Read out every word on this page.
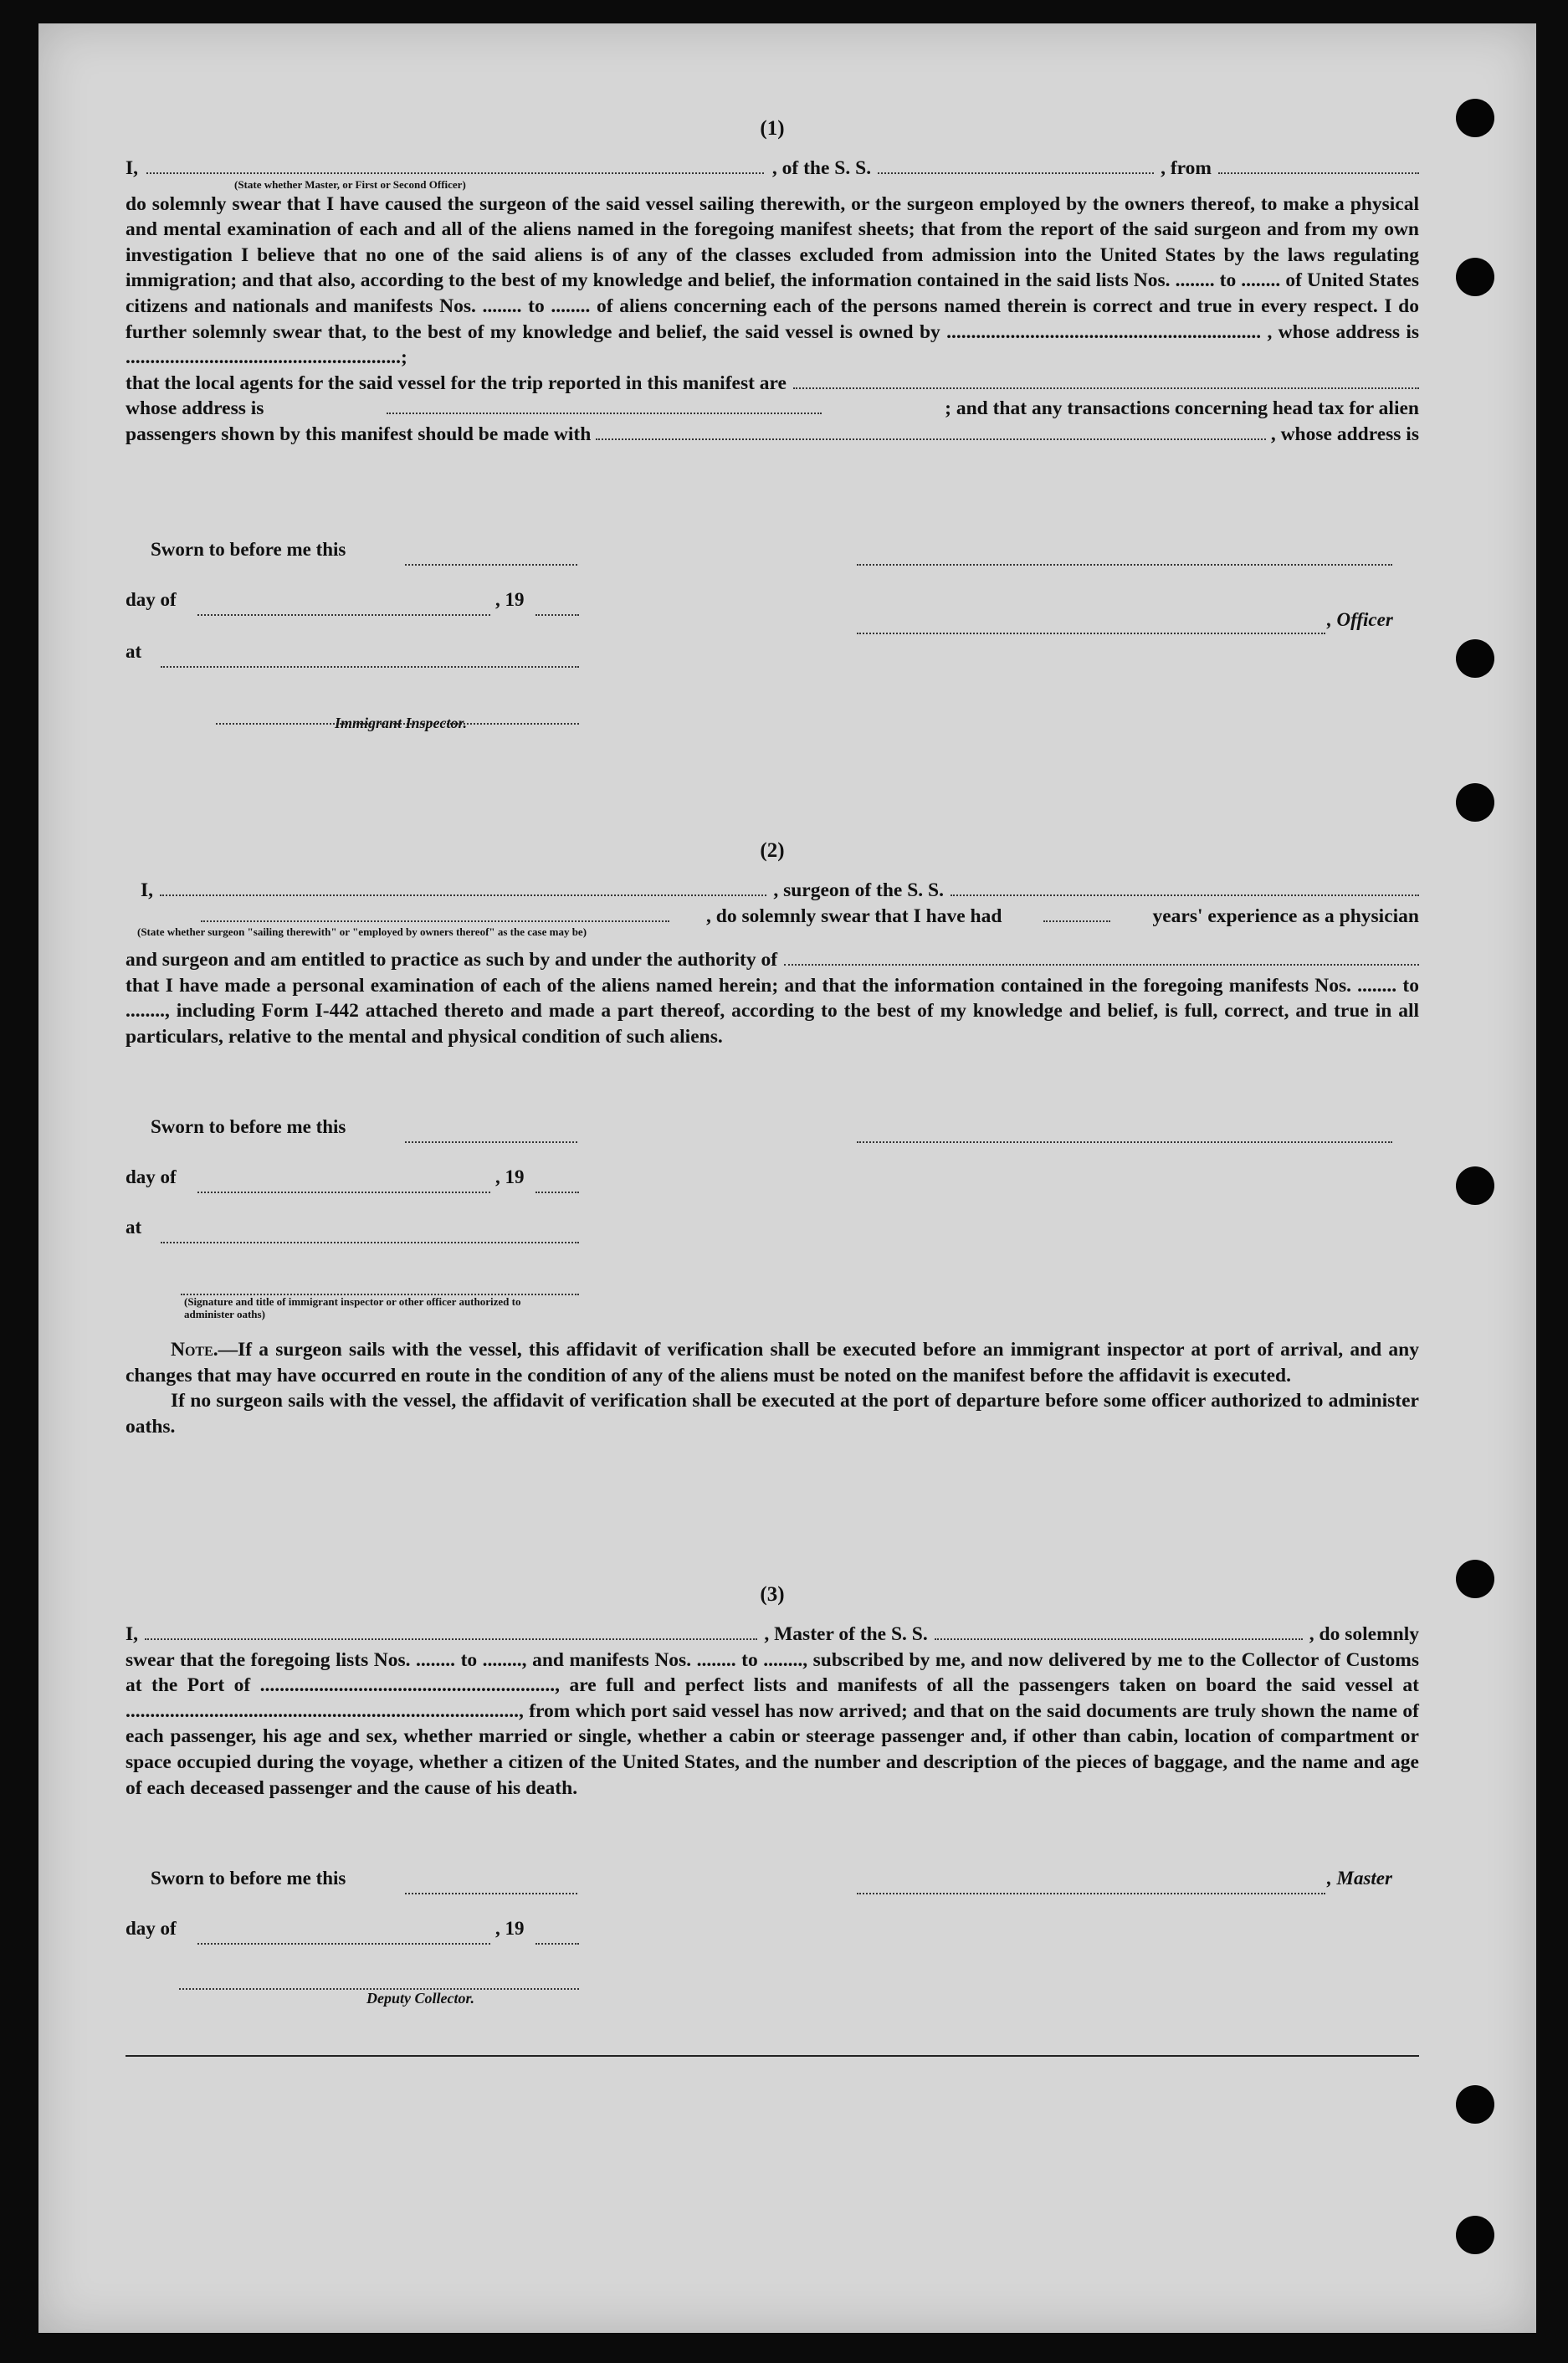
(1)
I,	, of the S. S.	, from
(State whether Master, or First or Second Officer)
do solemnly swear that I have caused the surgeon of the said vessel sailing therewith, or the surgeon employed by the owners thereof, to make a physical and mental examination of each and all of the aliens named in the foregoing manifest sheets; that from the report of the said surgeon and from my own investigation I believe that no one of the said aliens is of any of the classes excluded from admission into the United States by the laws regulating immigration; and that also, according to the best of my knowledge and belief, the information contained in the said lists Nos. ........ to ........ of United States citizens and nationals and manifests Nos. ........ to ........ of aliens concerning each of the persons named therein is correct and true in every respect. I do further solemnly swear that, to the best of my knowledge and belief, the said vessel is owned by ................................................................ , whose address is ........................................................;
that the local agents for the said vessel for the trip reported in this manifest are
whose address is	; and that any transactions concerning head tax for alien
passengers shown by this manifest should be made with	, whose address is
Sworn to before me this
day of	, 19
at
Immigrant Inspector.
, Officer
(2)
I,	, surgeon of the S. S.
, do solemnly swear that I have had	years' experience as a physician
(State whether surgeon "sailing therewith" or "employed by owners thereof" as the case may be)
and surgeon and am entitled to practice as such by and under the authority of
that I have made a personal examination of each of the aliens named herein; and that the information contained in the foregoing manifests Nos. ........ to ........, including Form I-442 attached thereto and made a part thereof, according to the best of my knowledge and belief, is full, correct, and true in all particulars, relative to the mental and physical condition of such aliens.
Sworn to before me this
day of	, 19
at
(Signature and title of immigrant inspector or other officer authorized to administer oaths)
Note.—If a surgeon sails with the vessel, this affidavit of verification shall be executed before an immigrant inspector at port of arrival, and any changes that may have occurred en route in the condition of any of the aliens must be noted on the manifest before the affidavit is executed.
If no surgeon sails with the vessel, the affidavit of verification shall be executed at the port of departure before some officer authorized to administer oaths.
(3)
I,	, Master of the S. S.	, do solemnly
swear that the foregoing lists Nos. ........ to ........, and manifests Nos. ........ to ........, subscribed by me, and now delivered by me to the Collector of Customs at the Port of ............................................................, are full and perfect lists and manifests of all the passengers taken on board the said vessel at ................................................................................, from which port said vessel has now arrived; and that on the said documents are truly shown the name of each passenger, his age and sex, whether married or single, whether a cabin or steerage passenger and, if other than cabin, location of compartment or space occupied during the voyage, whether a citizen of the United States, and the number and description of the pieces of baggage, and the name and age of each deceased passenger and the cause of his death.
Sworn to before me this	, Master
day of	, 19
Deputy Collector.
